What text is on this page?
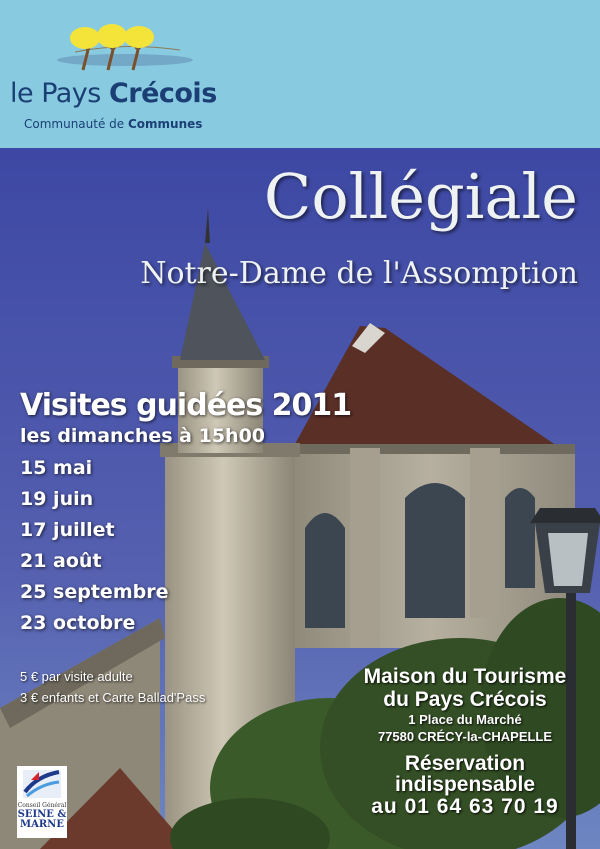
le Pays Crécois
Communauté de Communes
Collégiale
Notre-Dame de l'Assomption
Visites guidées 2011
les dimanches à 15h00
15 mai
19 juin
17 juillet
21 août
25 septembre
23 octobre
5 € par visite adulte
3 € enfants et Carte Ballad'Pass
Maison du Tourisme
du Pays Crécois
1 Place du Marché
77580 CRÉCY-la-CHAPELLE
Réservation
indispensable
au 01 64 63 70 19
Conseil Général
SEINE &
MARNE
